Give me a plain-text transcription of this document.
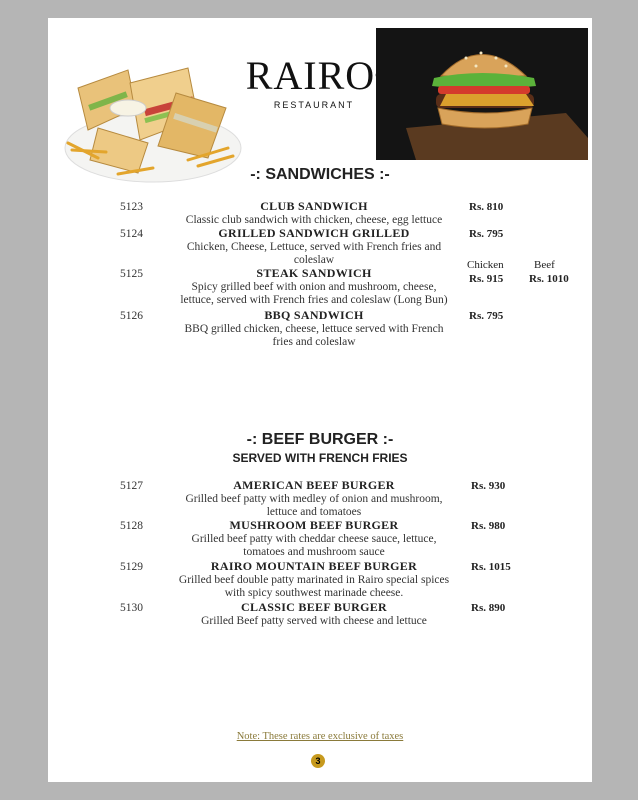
RAIRO
RESTAURANT
-: SANDWICHES :-
Chicken	Beef
5123	CLUB SANDWICH
Classic club sandwich with chicken, cheese, egg lettuce
Rs. 810
5124	GRILLED SANDWICH GRILLED
Chicken, Cheese, Lettuce, served with French fries and
coleslaw
Rs. 795
5125	STEAK SANDWICH
Spicy grilled beef with onion and mushroom, cheese,
lettuce, served with French fries and coleslaw (Long Bun)
Rs. 915 Rs. 1010
5126	BBQ SANDWICH
BBQ grilled chicken, cheese, lettuce served with French
fries and coleslaw
Rs. 795
-: BEEF BURGER :-
SERVED WITH FRENCH FRIES
5127	AMERICAN BEEF BURGER
Grilled beef patty with medley of onion and mushroom,
lettuce and tomatoes
Rs. 930
5128	MUSHROOM BEEF BURGER
Grilled beef patty with cheddar cheese sauce, lettuce,
tomatoes and mushroom sauce
Rs. 980
5129	RAIRO MOUNTAIN BEEF BURGER
Grilled beef double patty marinated in Rairo special spices
with spicy southwest marinade cheese.
Rs. 1015
5130	CLASSIC BEEF BURGER
Grilled Beef patty served with cheese and lettuce
Rs. 890
Note: These rates are exclusive of taxes
3
